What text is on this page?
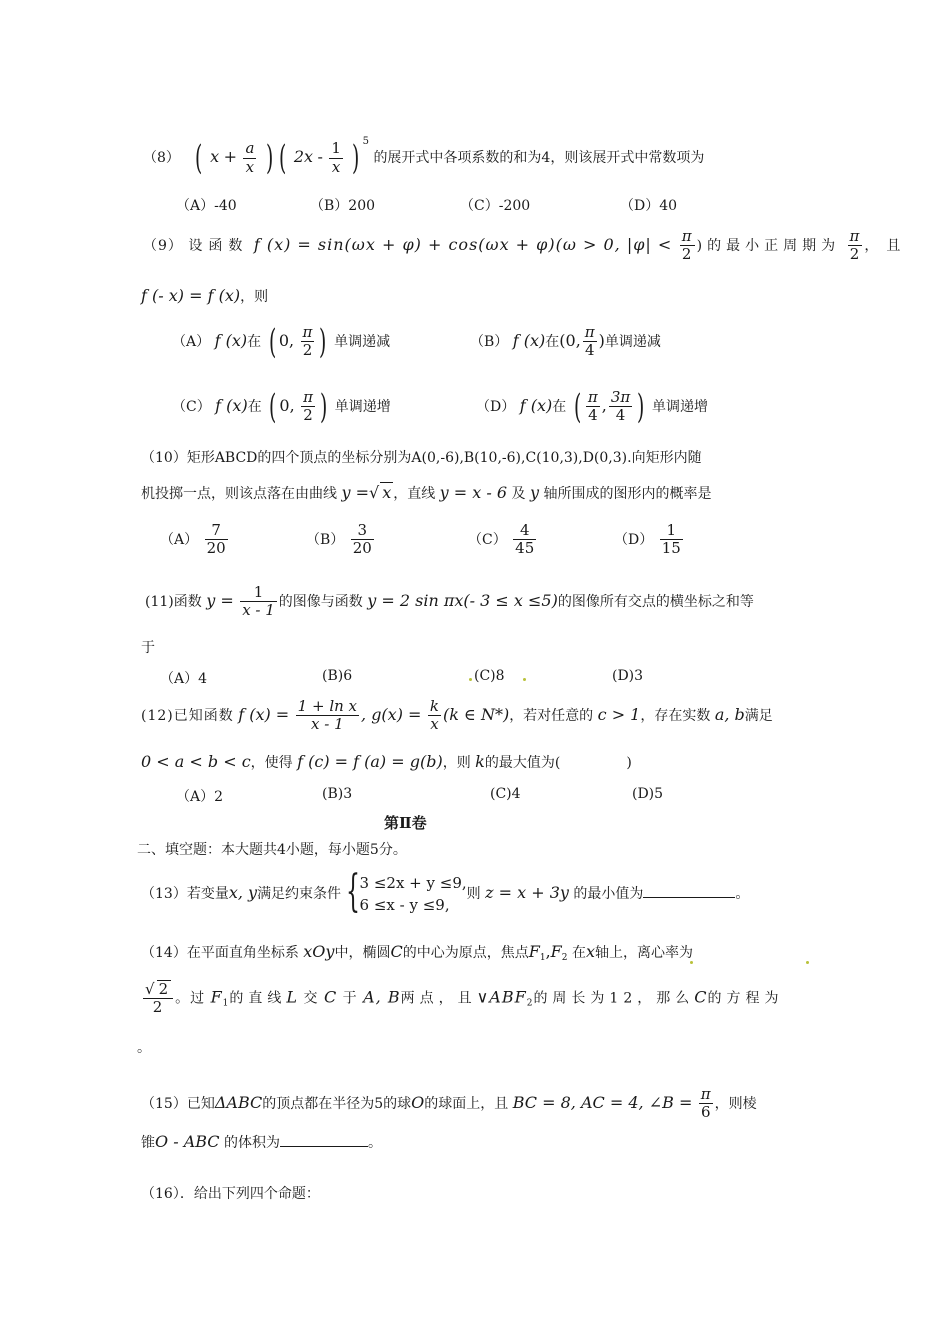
（8） ( $x + \frac{a}{x}$ ) ( $2x - \frac{1}{x}$ ) $^5$ 的展开式中各项系数的和为4，则该展开式中常数项为
（A）-40	（B）200	（C）-200	（D）40
（9） 设函数 f (x) = sin(ωx + φ) + cos(ωx + φ)(ω > 0, $|\varphi| < \frac{\pi}{2}$ )的最小正周期为 $\frac{\pi}{2}$ ，且
f (- x) = f (x)，则
（A） f (x)在 ( 0, $\frac{\pi}{2}$ ) 单调递减	（B） f (x)在(0, $\frac{\pi}{4}$ )单调递减
（C） f (x)在 ( 0, $\frac{\pi}{2}$ ) 单调递增	（D） f (x)在 ( $\frac{\pi}{4}$ , $\frac{3\pi}{4}$ ) 单调递增
（10）矩形ABCD的四个顶点的坐标分别为A(0,-6),B(10,-6),C(10,3),D(0,3).向矩形内随
机投掷一点，则该点落在由曲线 y =√ x ，直线 y = x - 6 及 y 轴所围成的图形内的概率是
$(A) \frac{7}{20}$	$(B) \frac{3}{20}$	$(C) \frac{4}{45}$	$(D) \frac{1}{15}$
(11)函数 $y = \frac{1}{x - 1}$ 的图像与函数 y = 2 sin πx(- 3 ≤ x ≤5)的图像所有交点的横坐标之和等
于
（A）4	(B)6	(C)8	(D)3
(12)已知函数 f $(x) = \frac{\text{1 + ln x}}{x - 1}$ , $g(x) = \frac{k}{x} (k$ ∈ N*)，若对任意的 c > 1，存在实数 a, b满足
0 < a < b < c，使得 f (c) = f (a) = g(b)，则 k的最大值为(	)
（A）2	(B)3	(C)4	(D)5
第Ⅱ卷
二、填空题：本大题共4小题，每小题5分。
（13）若变量x, y满足约束条件 { 3 ≤2x + y ≤9,
6 ≤x - y ≤9,
则 z = x + 3y 的最小值为	。
（14）在平面直角坐标系 xOy中，椭圆C的中心为原点，焦点$F_1,F_2$ 在x轴上，离心率为
$\frac{√ 2}{2}$ 。过 $F_1$的直线L 交 C 于 A, B两点，且$\vee ABF_2$的周长为12，那么C的方程为
。
（15）已知ΔABC的顶点都在半径为5的球O的球面上，且 BC = 8, AC = 4, ∠B = $\frac{\pi}{6}$ ，则棱
锥O - ABC 的体积为	。
（16）．给出下列四个命题：
